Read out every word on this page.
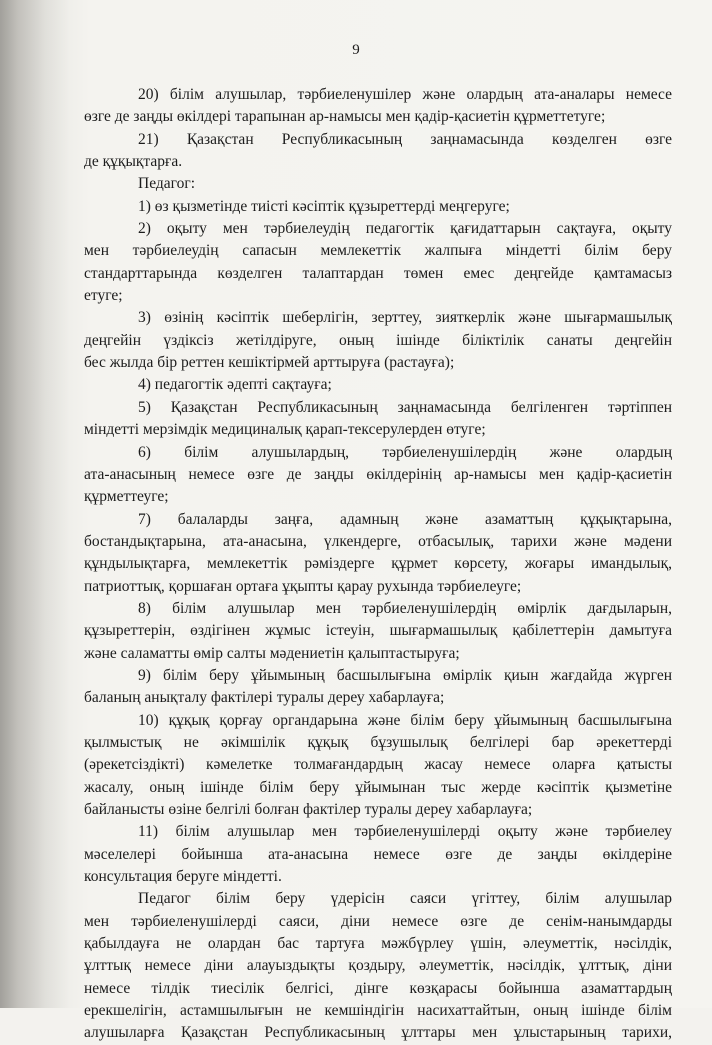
9
20) білім алушылар, тәрбиеленушілер және олардың ата-аналары немесе
өзге де заңды өкілдері тарапынан ар-намысы мен қадір-қасиетін құрметтетуге;
21) Қазақстан Республикасының заңнамасында көзделген өзге
де құқықтарға.
Педагог:
1) өз қызметінде тиісті кәсіптік құзыреттерді меңгеруге;
2) оқыту мен тәрбиелеудің педагогтік қағидаттарын сақтауға, оқыту
мен тәрбиелеудің сапасын мемлекеттік жалпыға міндетті білім беру
стандарттарында көзделген талаптардан төмен емес деңгейде қамтамасыз
етуге;
3) өзінің кәсіптік шеберлігін, зерттеу, зияткерлік және шығармашылық
деңгейін үздіксіз жетілдіруге, оның ішінде біліктілік санаты деңгейін
бес жылда бір реттен кешіктірмей арттыруға (растауға);
4) педагогтік әдепті сақтауға;
5) Қазақстан Республикасының заңнамасында белгіленген тәртіппен
міндетті мерзімдік медициналық қарап-тексерулерден өтуге;
6) білім алушылардың, тәрбиеленушілердің және олардың
ата-анасының немесе өзге де заңды өкілдерінің ар-намысы мен қадір-қасиетін
құрметтеуге;
7) балаларды заңға, адамның және азаматтың құқықтарына,
бостандықтарына, ата-анасына, үлкендерге, отбасылық, тарихи және мәдени
құндылықтарға, мемлекеттік рәміздерге құрмет көрсету, жоғары имандылық,
патриоттық, қоршаған ортаға ұқыпты қарау рухында тәрбиелеуге;
8) білім алушылар мен тәрбиеленушілердің өмірлік дағдыларын,
құзыреттерін, өздігінен жұмыс істеуін, шығармашылық қабілеттерін дамытуға
және саламатты өмір салты мәдениетін қалыптастыруға;
9) білім беру ұйымының басшылығына өмірлік қиын жағдайда жүрген
баланың анықталу фактілері туралы дереу хабарлауға;
10) құқық қорғау органдарына және білім беру ұйымының басшылығына
қылмыстық не әкімшілік құқық бұзушылық белгілері бар әрекеттерді
(әрекетсіздікті) кәмелетке толмағандардың жасау немесе оларға қатысты
жасалу, оның ішінде білім беру ұйымынан тыс жерде кәсіптік қызметіне
байланысты өзіне белгілі болған фактілер туралы дереу хабарлауға;
11) білім алушылар мен тәрбиеленушілерді оқыту және тәрбиелеу
мәселелері бойынша ата-анасына немесе өзге де заңды өкілдеріне
консультация беруге міндетті.
Педагог білім беру үдерісін саяси үгіттеу, білім алушылар
мен тәрбиеленушілерді саяси, діни немесе өзге де сенім-нанымдарды
қабылдауға не олардан бас тартуға мәжбүрлеу үшін, әлеуметтік, нәсілдік,
ұлттық немесе діни алауыздықты қоздыру, әлеуметтік, нәсілдік, ұлттық, діни
немесе тілдік тиесілік белгісі, дінге көзқарасы бойынша азаматтардың
ерекшелігін, астамшылығын не кемшіндігін насихаттайтын, оның ішінде білім
алушыларға Қазақстан Республикасының ұлттары мен ұлыстарының тарихи,
